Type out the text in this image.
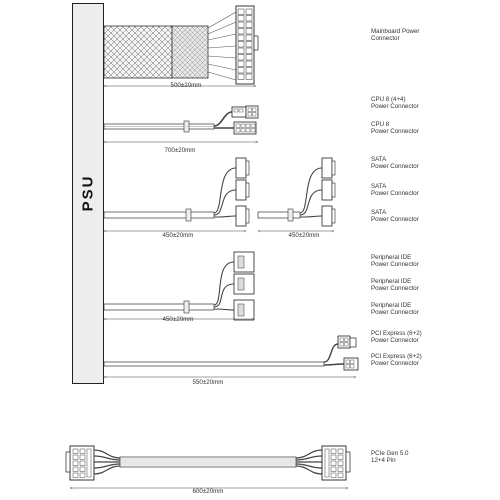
PSU
Mainboard Power
Connector
CPU 8 (4+4)
Power Connector
CPU 8
Power Connector
SATA
Power Connector
SATA
Power Connector
SATA
Power Connector
Peripheral IDE
Power Connector
Peripheral IDE
Power Connector
Peripheral IDE
Power Connector
PCI Express (6+2)
Power Connector
PCI Express (6+2)
Power Connector
PCIe Gen 5.0
12+4 Pin
500±20mm
700±20mm
450±20mm	450±20mm
450±20mm
550±20mm
600±20mm
